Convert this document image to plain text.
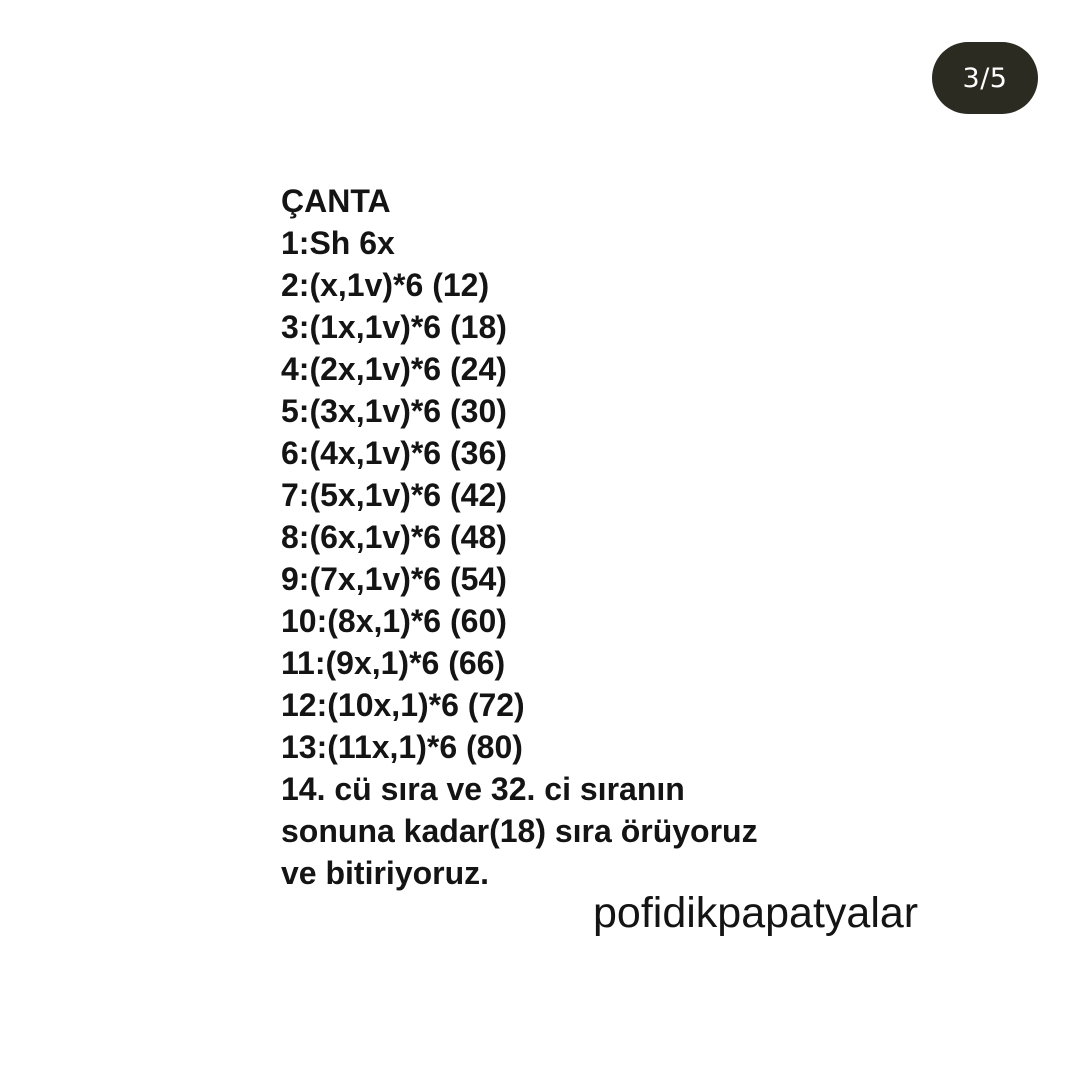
3/5
ÇANTA
1:Sh 6x
2:(x,1v)*6 (12)
3:(1x,1v)*6 (18)
4:(2x,1v)*6 (24)
5:(3x,1v)*6 (30)
6:(4x,1v)*6 (36)
7:(5x,1v)*6 (42)
8:(6x,1v)*6 (48)
9:(7x,1v)*6 (54)
10:(8x,1)*6 (60)
11:(9x,1)*6 (66)
12:(10x,1)*6 (72)
13:(11x,1)*6 (80)
14. cü sıra ve 32. ci sıranın
sonuna kadar(18) sıra örüyoruz
ve bitiriyoruz.
pofidikpapatyalar
